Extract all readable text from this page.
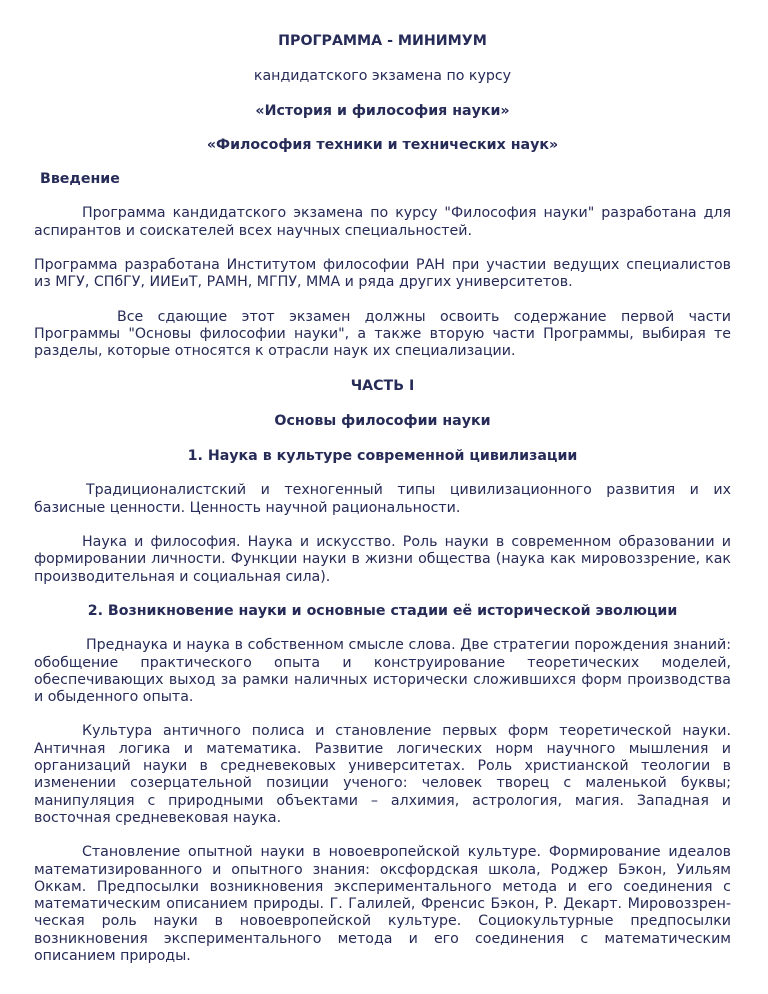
ПРОГРАММА - МИНИМУМ
кандидатского экзамена по курсу
«История и философия науки»
«Философия техники и технических наук»
Введение

Программа кандидатского экзамена по курсу "Философия науки" разработана для аспирантов и соискателей всех научных специальностей.

Программа разработана Институтом философии РАН при участии ведущих специалистов из МГУ, СПбГУ, ИИЕиТ, РАМН, МГПУ, ММА и ряда других университетов.

Все сдающие этот экзамен должны освоить содержание первой части Программы "Основы философии науки", а также вторую части Программы, выбирая те разделы, которые относятся к отрасли наук их специализации.

ЧАСТЬ I
Основы философии науки
1. Наука в культуре современной цивилизации

Традиционалистский и техногенный типы цивилизационного развития и их базисные ценности. Ценность научной рациональности.

Наука и философия. Наука и искусство. Роль науки в современном образовании и формировании личности. Функции науки в жизни общества (наука как мировоззрение, как производительная и социальная сила).

2. Возникновение науки и основные стадии её исторической эволюции

Преднаука и наука в собственном смысле слова. Две стратегии порождения знаний: обобщение практического опыта и конструирование теоретических моделей, обеспечивающих выход за рамки наличных исторически сложившихся форм производства и обыденного опыта.

Культура античного полиса и становление первых форм теоретической науки. Античная логика и математика. Развитие логических норм научного мышления и организаций науки в средневековых университетах. Роль христианской теологии в изменении созерцательной позиции ученого: человек творец с маленькой буквы; манипуляция с природными объектами – алхимия, астрология, магия. Западная и восточная средневековая наука.

Становление опытной науки в новоевропейской культуре. Формирование идеалов математизированного и опытного знания: оксфордская школа, Роджер Бэкон, Уильям Оккам. Предпосылки возникновения экспериментального метода и его соединения с математическим описанием природы. Г. Галилей, Френсис Бэкон, Р. Декарт. Мировоззрен-ческая роль науки в новоевропейской культуре. Социокультурные предпосылки возникновения экспериментального метода и его соединения с математическим описанием природы.
